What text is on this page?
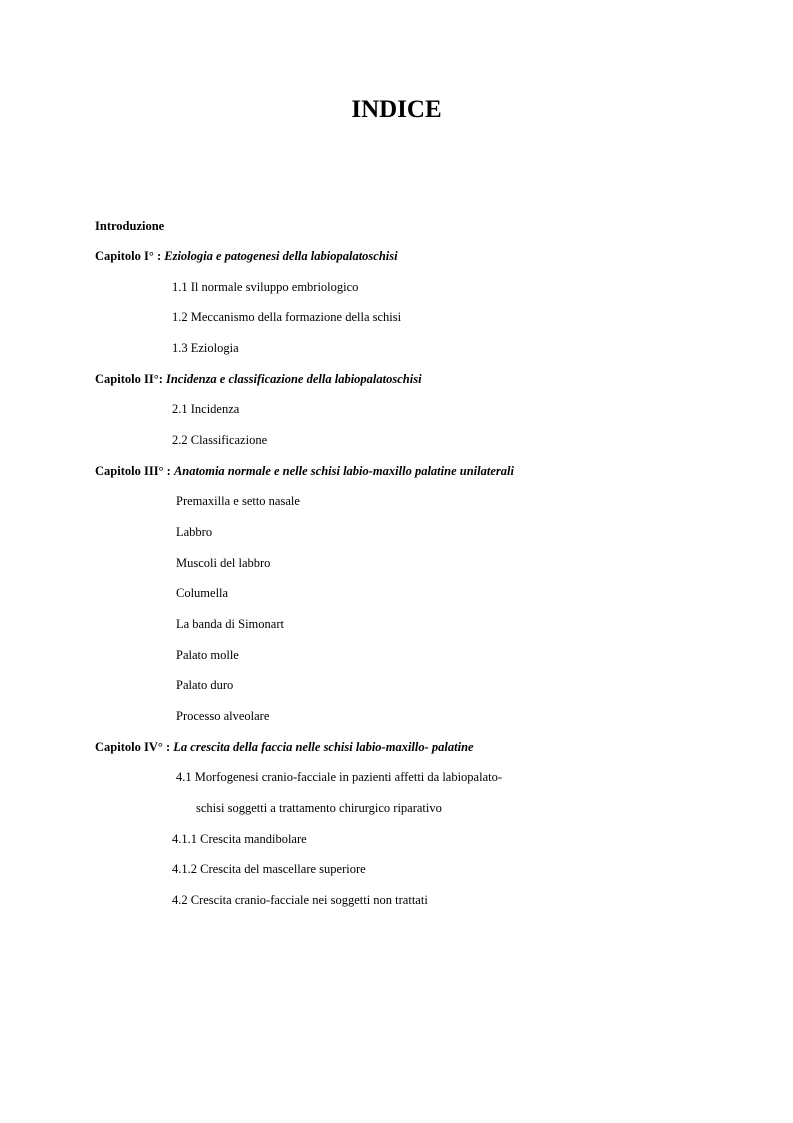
INDICE

Introduzione

Capitolo I° : Eziologia e patogenesi della labiopalatoschisi

1.1 Il normale sviluppo embriologico

1.2 Meccanismo della formazione della schisi

1.3 Eziologia

Capitolo II°: Incidenza e classificazione della labiopalatoschisi

2.1 Incidenza

2.2 Classificazione

Capitolo III° : Anatomia normale e nelle schisi labio-maxillo palatine unilaterali

Premaxilla e setto nasale

Labbro

Muscoli del labbro

Columella

La banda di Simonart

Palato molle

Palato duro

Processo alveolare

Capitolo IV° : La crescita della faccia nelle schisi labio-maxillo- palatine

4.1 Morfogenesi cranio-facciale in pazienti affetti da labiopalato-

schisi soggetti a trattamento chirurgico riparativo

4.1.1 Crescita mandibolare

4.1.2 Crescita del mascellare superiore

4.2 Crescita cranio-facciale nei soggetti non trattati
